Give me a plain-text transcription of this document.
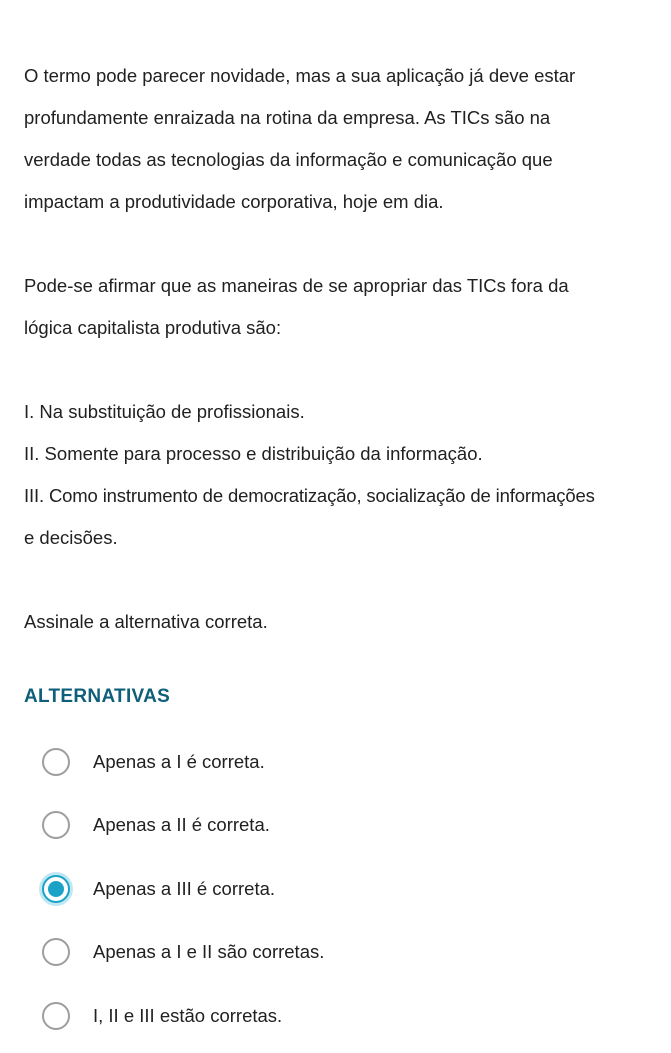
O termo pode parecer novidade, mas a sua aplicação já deve estar

profundamente enraizada na rotina da empresa. As TICs são na

verdade todas as tecnologias da informação e comunicação que

impactam a produtividade corporativa, hoje em dia.

Pode-se afirmar que as maneiras de se apropriar das TICs fora da

lógica capitalista produtiva são:

I. Na substituição de profissionais.

II. Somente para processo e distribuição da informação.

III. Como instrumento de democratização, socialização de informações

e decisões.

Assinale a alternativa correta.

ALTERNATIVAS
Apenas a I é correta.
Apenas a II é correta.
Apenas a III é correta.
Apenas a I e II são corretas.
I, II e III estão corretas.
